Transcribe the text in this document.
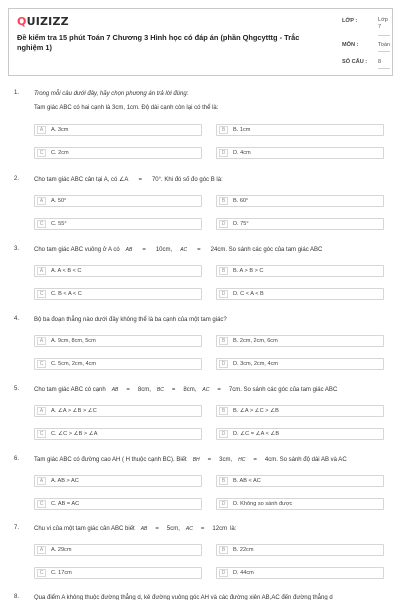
QUIZIZZ
Đề kiểm tra 15 phút Toán 7 Chương 3 Hình học có đáp án (phần Qhgcytttg - Trắc nghiệm 1)
LỚP :	Lớp 7
MÔN :	Toán
SỐ CÂU : 8
1. Trong mỗi câu dưới đây, hãy chọn phương án trả lời đúng:
Tam giác ABC có hai cạnh là 3cm, 1cm. Độ dài cạnh còn lại có thể là:
A	A. 3cm	B	B. 1cm
C	C. 2cm	D	D. 4cm
2. Cho tam giác ABC cân tại A, có ∠A = 70°. Khi đó số đo góc B là:
A	A. 50°	B	B. 60°
C	C. 55°	D	D. 75°
3. Cho tam giác ABC vuông ở A có AB = 10cm, AC = 24cm. So sánh các góc của tam giác ABC
A	A. A < B < C	B	B. A > B > C
C	C. B < A < C	D	D. C < A < B
4. Bộ ba đoạn thẳng nào dưới đây không thể là ba cạnh của một tam giác?
A	A. 9cm, 8cm, 5cm	B	B. 2cm, 2cm, 6cm
C	C. 5cm, 2cm, 4cm	D	D. 3cm, 2cm, 4cm
5. Cho tam giác ABC có cạnh AB = 8cm, BC = 8cm, AC = 7cm. So sánh các góc của tam giác ABC
A	A. ∠A > ∠B > ∠C	B	B. ∠A > ∠C > ∠B
C	C. ∠C > ∠B > ∠A	D	D. ∠C = ∠A < ∠B
6. Tam giác ABC có đường cao AH ( H thuộc cạnh BC). Biết BH = 3cm, HC = 4cm. So sánh độ dài AB và AC
A	A. AB > AC	B	B. AB < AC
C	C. AB = AC	D	D. Không so sánh được
7. Chu vi của một tam giác cân ABC biết AB = 5cm, AC = 12cm là:
A	A. 29cm	B	B. 22cm
C	C. 17cm	D	D. 44cm
8. Qua điểm A không thuộc đường thẳng d, kẻ đường vuông góc AH và các đường xiên AB,AC đến đường thẳng d
